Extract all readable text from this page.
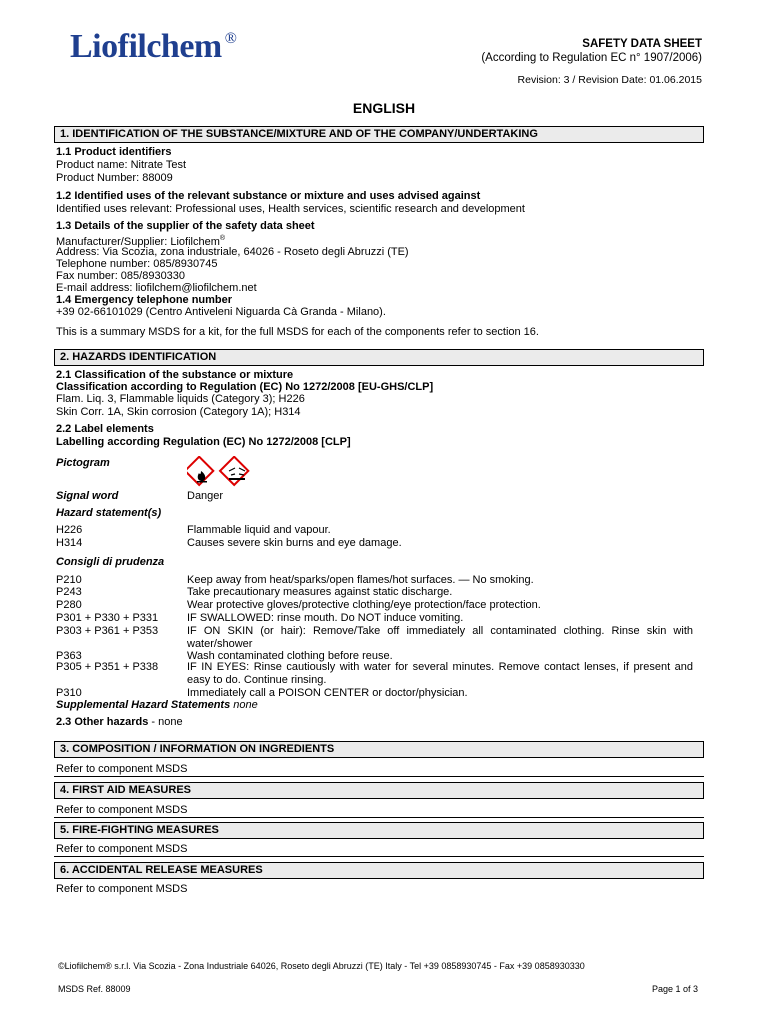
Liofilchem ®	SAFETY DATA SHEET
(According to Regulation EC n° 1907/2006)
Revision: 3 / Revision Date: 01.06.2015
ENGLISH
1. IDENTIFICATION OF THE SUBSTANCE/MIXTURE AND OF THE COMPANY/UNDERTAKING
1.1 Product identifiers
Product name: Nitrate Test
Product Number: 88009
1.2 Identified uses of the relevant substance or mixture and uses advised against
Identified uses relevant: Professional uses, Health services, scientific research and development
1.3 Details of the supplier of the safety data sheet
Manufacturer/Supplier: Liofilchem®
Address: Via Scozia, zona industriale, 64026 - Roseto degli Abruzzi (TE)
Telephone number: 085/8930745
Fax number: 085/8930330
E-mail address: liofilchem@liofilchem.net
1.4 Emergency telephone number
+39 02-66101029 (Centro Antiveleni Niguarda Cà Granda - Milano).
This is a summary MSDS for a kit, for the full MSDS for each of the components refer to section 16.
2. HAZARDS IDENTIFICATION
2.1 Classification of the substance or mixture
Classification according to Regulation (EC) No 1272/2008 [EU-GHS/CLP]
Flam. Liq. 3, Flammable liquids (Category 3); H226
Skin Corr. 1A, Skin corrosion (Category 1A); H314
2.2 Label elements
Labelling according Regulation (EC) No 1272/2008 [CLP]
Pictogram
Signal word	Danger
Hazard statement(s)
H226	Flammable liquid and vapour.
H314	Causes severe skin burns and eye damage.
Consigli di prudenza
P210	Keep away from heat/sparks/open flames/hot surfaces. — No smoking.
P243	Take precautionary measures against static discharge.
P280	Wear protective gloves/protective clothing/eye protection/face protection.
P301 + P330 + P331	IF SWALLOWED: rinse mouth. Do NOT induce vomiting.
P303 + P361 + P353	IF ON SKIN (or hair): Remove/Take off immediately all contaminated clothing. Rinse skin with water/shower
P363	Wash contaminated clothing before reuse.
P305 + P351 + P338	IF IN EYES: Rinse cautiously with water for several minutes. Remove contact lenses, if present and easy to do. Continue rinsing.
P310	Immediately call a POISON CENTER or doctor/physician.
Supplemental Hazard Statements none
2.3 Other hazards - none
3. COMPOSITION / INFORMATION ON INGREDIENTS
Refer to component MSDS
4. FIRST AID MEASURES
Refer to component MSDS
5. FIRE-FIGHTING MEASURES
Refer to component MSDS
6. ACCIDENTAL RELEASE MEASURES
Refer to component MSDS
©Liofilchem® s.r.l. Via Scozia - Zona Industriale 64026, Roseto degli Abruzzi (TE) Italy - Tel +39 0858930745 - Fax +39 0858930330
MSDS Ref. 88009	Page 1 of 3
